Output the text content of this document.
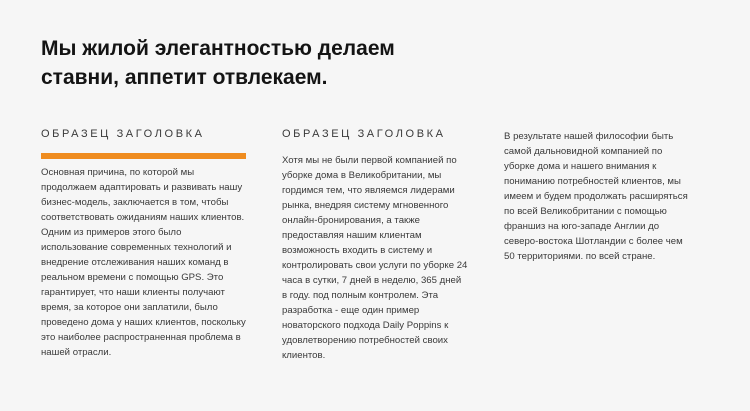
Мы жилой элегантностью делаем ставни, аппетит отвлекаем.

ОБРАЗЕЦ ЗАГОЛОВКА

Основная причина, по которой мы продолжаем адаптировать и развивать нашу бизнес-модель, заключается в том, чтобы соответствовать ожиданиям наших клиентов. Одним из примеров этого было использование современных технологий и внедрение отслеживания наших команд в реальном времени с помощью GPS. Это гарантирует, что наши клиенты получают время, за которое они заплатили, было проведено дома у наших клиентов, поскольку это наиболее распространенная проблема в нашей отрасли.

ОБРАЗЕЦ ЗАГОЛОВКА

Хотя мы не были первой компанией по уборке дома в Великобритании, мы гордимся тем, что являемся лидерами рынка, внедряя систему мгновенного онлайн-бронирования, а также предоставляя нашим клиентам возможность входить в систему и контролировать свои услуги по уборке 24 часа в сутки, 7 дней в неделю, 365 дней в году. под полным контролем. Эта разработка - еще один пример новаторского подхода Daily Poppins к удовлетворению потребностей своих клиентов.

В результате нашей философии быть самой дальновидной компанией по уборке дома и нашего внимания к пониманию потребностей клиентов, мы имеем и будем продолжать расширяться по всей Великобритании с помощью франшиз на юго-западе Англии до северо-востока Шотландии с более чем 50 территориями. по всей стране.
